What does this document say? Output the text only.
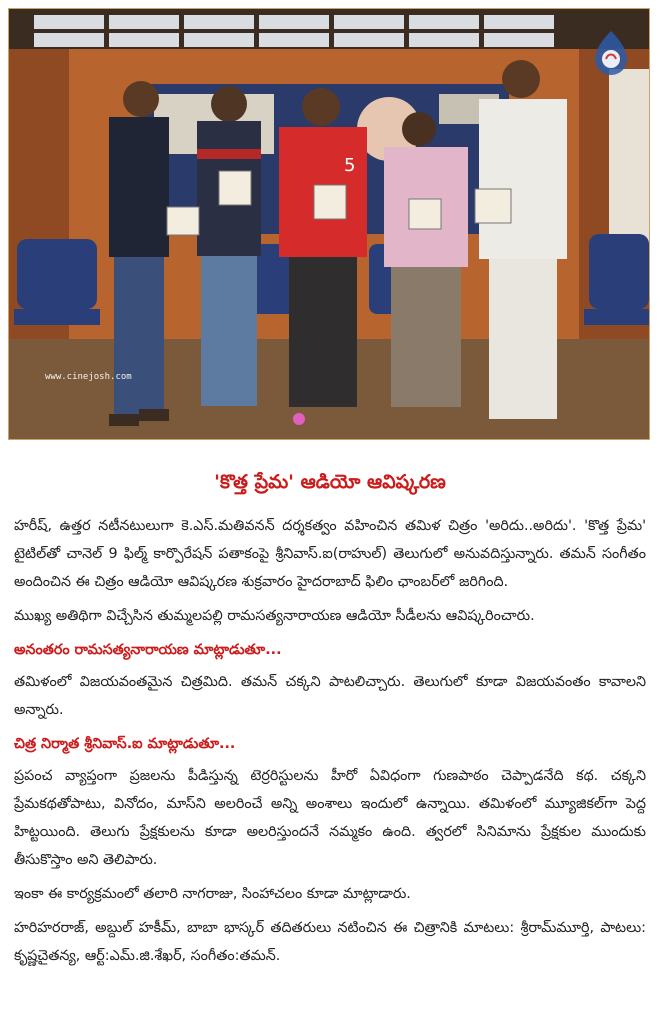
5
www.cinejosh.com
'కొత్త ప్రేమ' ఆడియో ఆవిష్కరణ

హరీష్, ఉత్తర నటీనటులుగా కె.ఎస్.మతివనన్ దర్శకత్వం వహించిన తమిళ చిత్రం 'అరిదు..అరిదు'. 'కొత్త ప్రేమ' టైటిల్‌తో చానెల్ 9 ఫిల్మ్ కార్పొరేషన్ పతాకంపై శ్రీనివాస్.ఐ(రాహుల్) తెలుగులో అనువదిస్తున్నారు. తమన్ సంగీతం అందించిన ఈ చిత్రం ఆడియో ఆవిష్కరణ శుక్రవారం హైదరాబాద్ ఫిలిం ఛాంబర్‌లో జరిగింది.

ముఖ్య అతిథిగా విచ్చేసిన తుమ్మలపల్లి రామసత్యనారాయణ ఆడియో సీడీలను ఆవిష్కరించారు.

అనంతరం రామసత్యనారాయణ మాట్లాడుతూ...

తమిళంలో విజయవంతమైన చిత్రమిది. తమన్ చక్కని పాటలిచ్చారు. తెలుగులో కూడా విజయవంతం కావాలని అన్నారు.

చిత్ర నిర్మాత శ్రీనివాస్.ఐ మాట్లాడుతూ...

ప్రపంచ వ్యాప్తంగా ప్రజలను పీడిస్తున్న టెర్రరిస్టులను హీరో ఏవిధంగా గుణపాఠం చెప్పాడనేది కథ. చక్కని ప్రేమకథతోపాటు, వినోదం, మాస్‌ని అలరించే అన్ని అంశాలు ఇందులో ఉన్నాయి. తమిళంలో మ్యూజికల్‌గా పెద్ద హిట్టయింది. తెలుగు ప్రేక్షకులను కూడా అలరిస్తుందనే నమ్మకం ఉంది. త్వరలో సినిమాను ప్రేక్షకుల ముందుకు తీసుకొస్తాం అని తెలిపారు.

ఇంకా ఈ కార్యక్రమంలో తలారి నాగరాజు, సింహాచలం కూడా మాట్లాడారు.

హరిహరరాజ్, అబ్దుల్ హకీమ్, బాబా భాస్కర్ తదితరులు నటించిన ఈ చిత్రానికి మాటలు: శ్రీరామ్‌మూర్తి, పాటలు: కృష్ణచైతన్య, ఆర్ట్:ఎమ్.జి.శేఖర్, సంగీతం:తమన్.
